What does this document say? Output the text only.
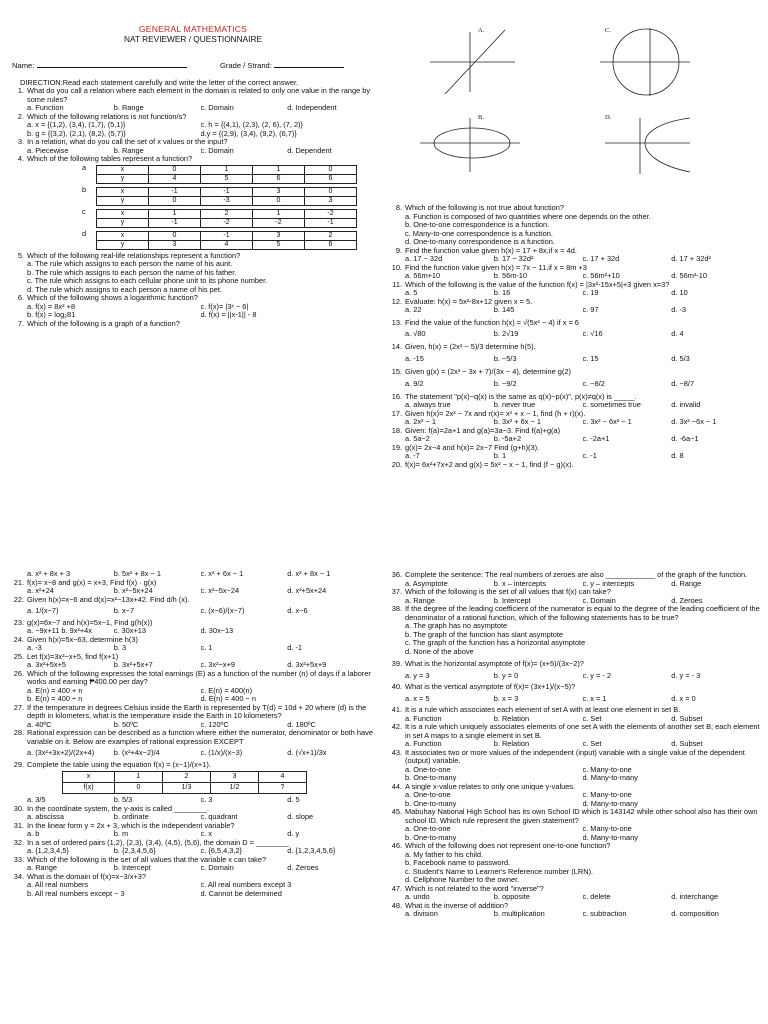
GENERAL MATHEMATICS
NAT REVIEWER / QUESTIONNAIRE
Name:	Grade / Strand:
DIRECTION:Read each statement carefully and write the letter of the correct answer.
1. What do you call a relation where each element in the domain is related to only one value in the range by some rules?
a. Function	b. Range	c. Domain	d. Independent
2. Which of the following relations is not function/s?
a. x = {(1,2), (3,4), (1,7), (5,1)}	c. h = {(4,1), (2,3), (2, 6), (7, 2)}
b. g = {(3,2), (2,1), (8,2), (5,7)}	d.y = {(2,9), (3,4), (9,2), (6,7)}
3. In a relation, what do you call the set of x values or the input?
a. Piecewise	b. Range	c. Domain	d. Dependent
4. Which of the following tables represent a function?
a	x	0	1	1	0
y	4	5	6	6
b	x	-1	-1	3	0
y	0	-3	0	3
c	x	1	2	1	-2
y	-1	-2	-2	-1
d	x	0	-1	3	2
y	3	4	5	6
5. Which of the following real-life relationships represent a function?
a. The rule which assigns to each person the name of his aunt.
b. The rule which assigns to each person the name of his father.
c. The rule which assigns to each cellular phone unit to its phone number.
d. The rule which assigns to each person a name of his pet.
6. Which of the following shows a logarithmic function?
a. f(x) = 8x² +8	c. f(x)= |3ˣ − 6|
b. f(x) = log₂81	d. f(x) = ||x-1|| - 8
7. Which of the following is a graph of a function?
A.	C.
B.	D.
8. Which of the following is not true about function?
a. Function is composed of two quantities where one depends on the other.
b. One-to-one correspondence is a function.
c. Many-to-one correspondence is a function.
d. One-to-many correspondence is a function.
9. Find the function value given h(x) = 17 + 8x,if x = 4d.
a. 17 − 32d	b. 17 − 32d²	c. 17 + 32d	d. 17 + 32d²
10. Find the function value given h(x) = 7x − 11,if x = 8m +3
a. 56m+10	b. 56m-10	c. 56m²+10	d. 56m²-10
11. Which of the following is the value of the function f(x) = |3x²-15x+5|+3 given x=3?
a. 5	b. 16	c. 19	d. 10
12. Evaluate: h(x) = 5x²-8x+12 given x = 5.
a. 22	b. 145	c. 97	d. -3
13. Find the value of the function h(x) = √(5x² − 4) if x = 6
a. √80	b. 2√19	c. √16	d. 4
14. Given, h(x) = (2x² − 5)/3 determine h(5).
a. -15	b. −5/3	c. 15	d. 5/3
15. Given g(x) = (2x³ − 3x + 7)/(3x − 4), determine g(2)
a. 9/2	b. −9/2	c. −8/2	d. −8/7
16. The statement "p(x)−q(x) is the same as q(x)−p(x)", p(x)≠q(x) is _____.
a. always true	b. never true	c. sometimes true	d. invalid
17. Given h(x)= 2x² − 7x and r(x)= x² + x − 1, find (h + r)(x).
a. 2x² − 1	b. 3x² + 6x − 1	c. 3x² − 6x² − 1	d. 3x² −6x − 1
18. Given: f(a)=2a+1 and g(a)=3a−3. Find f(a)+g(a)
a. 5a−2	b. -5a+2	c. -2a+1	d. -6a−1
19. g(x)= 2x−4 and h(x)= 2x−7 Find (g+h)(3).
a. -7	b. 1	c. -1	d. 8
20. f(x)= 6x²+7x+2 and g(x) = 5x² − x − 1, find (f − g)(x).
a. x² + 8x + 3	b. 5x² + 8x − 1	c. x² + 6x − 1	d. x² + 8x − 1
21. f(x)= x−8 and g(x) = x+3, Find f(x) · g(x)
a. x²+24	b. x²−5x+24	c. x²−5x−24	d. x²+5x+24
22. Given h(x)=x−6 and d(x)=x²−13x+42. Find d/h (x).
a. 1/(x−7)	b. x−7	c. (x−6)/(x−7)	d. x−6
23. g(x)=6x−7 and h(x)=5x−1, Find g(h(x))
a. −9x+11 b. 9x²+4x	c. 30x+13	d. 30x−13
24. Given h(x)=5x−63, determine h(3)
a. -3	b. 3	c. 1	d. -1
25. Let f(x)=3x²−x+5, find f(x+1)
a. 3x²+5x+5	b. 3x²+5x+7	c. 3x²−x+9	d. 3x²+5x+9
26. Which of the following expresses the total earnings (E) as a function of the number (n) of days if a laborer works and earning ₱400.00 per day?
a. E(n) = 400 + n	c. E(n) = 400(n)
b. E(n) = 400 ÷ n	d. E(n) = 400 − n
27. If the temperature in degrees Celsius inside the Earth is represented by T(d) = 10d + 20 where (d) is the depth in kilometers, what is the temperature inside the Earth in 10 kilometers?
a. 40ºC	b. 50ºC	c. 120ºC	d. 180ºC
28. Rational expression can be described as a function where either the numerator, denominator or both have variable on it. Below are examples of rational expression EXCEPT
a. (3x²+3x+2)/(2x+4)	b. (x²+4x−2)/4	c. (1/x)/(x−3)	d. (√x+1)/3x
29. Complete the table using the equation f(x) = (x−1)/(x+1).
x	1	2	3	4
f(x)	0	1/3	1/2	?
a. 3/5	b. 5/3	c. 3	d. 5
30. In the coordinate system, the y-axis is called ________.
a. abscissa	b. ordinate	c. quadrant	d. slope
31. In the linear form y = 2x + 3, which is the independent variable?
a. b	b. m	c. x	d. y
32. In a set of ordered pairs (1,2), (2,3), (3,4), (4,5), (5,6), the domain D = ________
a. {1,2,3,4,5}	b. {2,3,4,5,6}	c. {6,5,4,3,2}	d. {1,2,3,4,5,6}
33. Which of the following is the set of all values that the variable x can take?
a. Range	b. Intercept	c. Domain	d. Zeroes
34. What is the domain of f(x)=x−3/x+3?
a. All real numbers	c. All real numbers except 3
b. All real numbers except − 3	d. Cannot be determined
36. Complete the sentence: The real numbers of zeroes are also ____________ of the graph of the function.
a. Asymptote	b. x – intercepts	c. y – intercepts	d. Range
37. Which of the following is the set of all values that f(x) can take?
a. Range	b. Intercept	c. Domain	d. Zeroes
38. If the degree of the leading coefficient of the numerator is equal to the degree of the leading coefficient of the denominator of a rational function, which of the following statements has to be true?
a. The graph has no asymptote
b. The graph of the function has slant asymptote
c. The graph of the function has a horizontal asymptote
d. None of the above
39. What is the horizontal asymptote of f(x)= (x+5)/(3x−2)?
a. y = 3	b. y = 0	c. y = - 2	d. y = - 3
40. What is the vertical asymptote of f(x)= (3x+1)/(x−5)?
a. x = 5	b. x = 3	c. x = 1	d. x = 0
41. It is a rule which associates each element of set A with at least one element in set B.
a. Function	b. Relation	c. Set	d. Subset
42. It is a rule which uniquely associates elements of one set A with the elements of another set B; each element in set A maps to a single element in set B.
a. Function	b. Relation	c. Set	d. Subset
43. It associates two or more values of the independent (input) variable with a single value of the dependent (output) variable.
a. One-to-one	c. Many-to-one
b. One-to-many	d. Many-to-many
44. A single x-value relates to only one unique y-values.
a. One-to-one	c. Many-to-one
b. One-to-many	d. Many-to-many
45. Mabuhay National High School has its own School ID which is 143142 while other school also has their own school ID. Which rule represent the given statement?
a. One-to-one	c. Many-to-one
b. One-to-many	d. Many-to-many
46. Which of the following does not represent one-to-one function?
a. My father to his child.
b. Facebook name to password.
c. Student's Name to Learner's Reference number (LRN).
d. Cellphone Number to the owner.
47. Which is not related to the word "inverse"?
a. undo	b. opposite	c. delete	d. interchange
48. What is the inverse of addition?
a. division	b. multiplication	c. subtraction	d. composition
